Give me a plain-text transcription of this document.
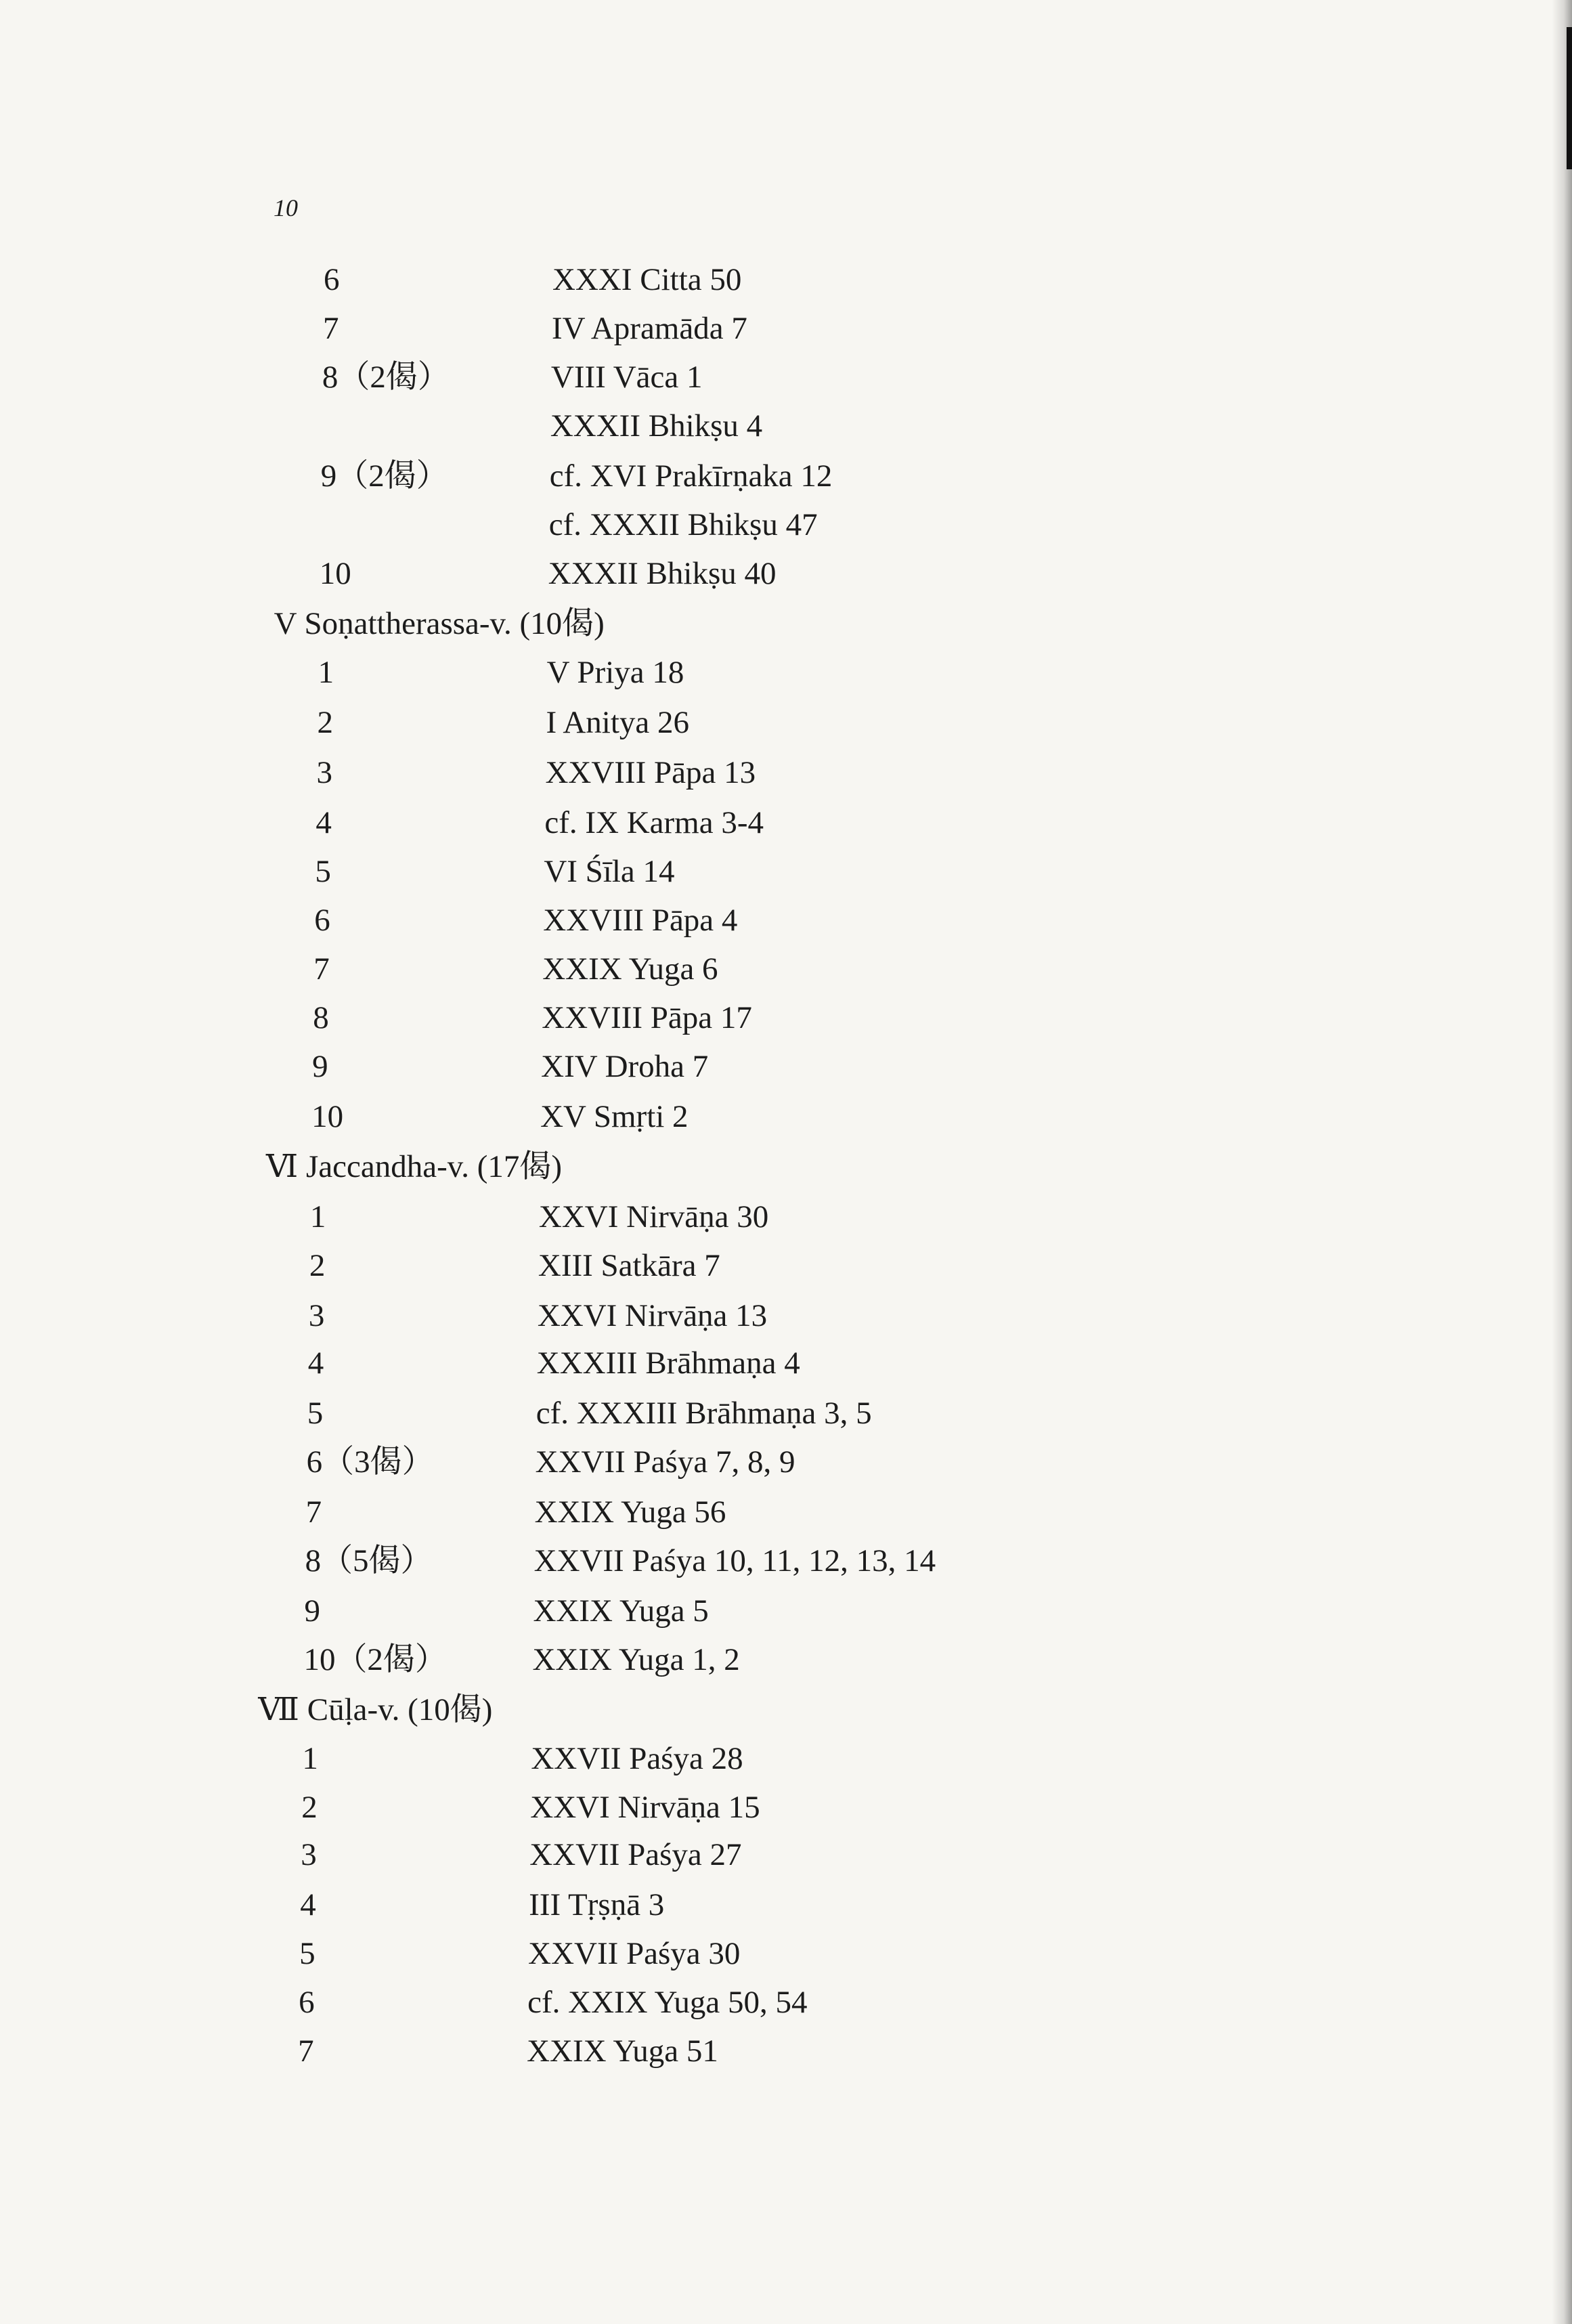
10
6	XXXI Citta 50
7	IV Apramāda 7
8（2偈）	VIII Vāca 1
XXXII Bhikṣu 4
9（2偈）	cf. XVI Prakīrṇaka 12
cf. XXXII Bhikṣu 47
10	XXXII Bhikṣu 40
V Soṇattherassa-v. (10偈)
1	V Priya 18
2	I Anitya 26
3	XXVIII Pāpa 13
4	cf. IX Karma 3-4
5	VI Śīla 14
6	XXVIII Pāpa 4
7	XXIX Yuga 6
8	XXVIII Pāpa 17
9	XIV Droha 7
10	XV Smṛti 2
Ⅵ Jaccandha-v. (17偈)
1	XXVI Nirvāṇa 30
2	XIII Satkāra 7
3	XXVI Nirvāṇa 13
4	XXXIII Brāhmaṇa 4
5	cf. XXXIII Brāhmaṇa 3, 5
6（3偈）	XXVII Paśya 7, 8, 9
7	XXIX Yuga 56
8（5偈）	XXVII Paśya 10, 11, 12, 13, 14
9	XXIX Yuga 5
10（2偈）	XXIX Yuga 1, 2
Ⅶ Cūḷa-v. (10偈)
1	XXVII Paśya 28
2	XXVI Nirvāṇa 15
3	XXVII Paśya 27
4	III Tṛṣṇā 3
5	XXVII Paśya 30
6	cf. XXIX Yuga 50, 54
7	XXIX Yuga 51
